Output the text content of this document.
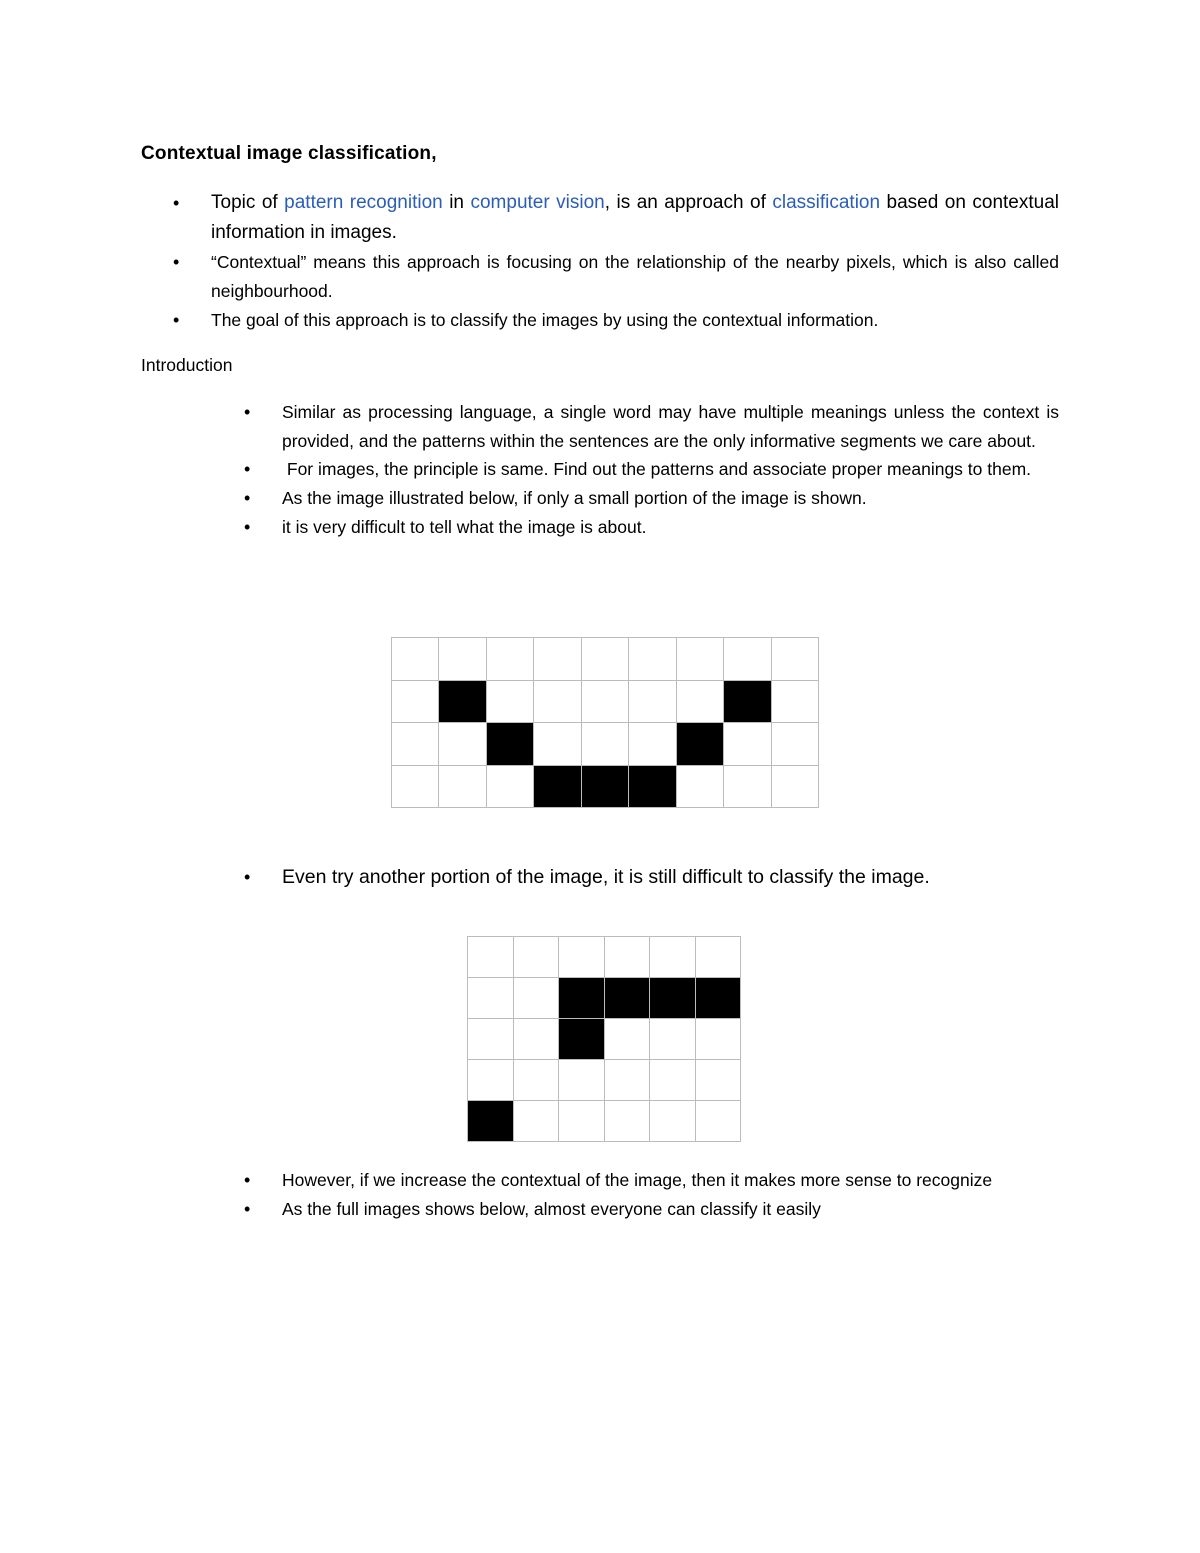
Contextual image classification,
• Topic of pattern recognition in computer vision, is an approach of classification based on contextual information in images.
• “Contextual” means this approach is focusing on the relationship of the nearby pixels, which is also called neighbourhood.
• The goal of this approach is to classify the images by using the contextual information.
Introduction
• Similar as processing language, a single word may have multiple meanings unless the context is provided, and the patterns within the sentences are the only informative segments we care about.
• For images, the principle is same. Find out the patterns and associate proper meanings to them.
• As the image illustrated below, if only a small portion of the image is shown.
• it is very difficult to tell what the image is about.

• Even try another portion of the image, it is still difficult to classify the image.

• However, if we increase the contextual of the image, then it makes more sense to recognize
• As the full images shows below, almost everyone can classify it easily
